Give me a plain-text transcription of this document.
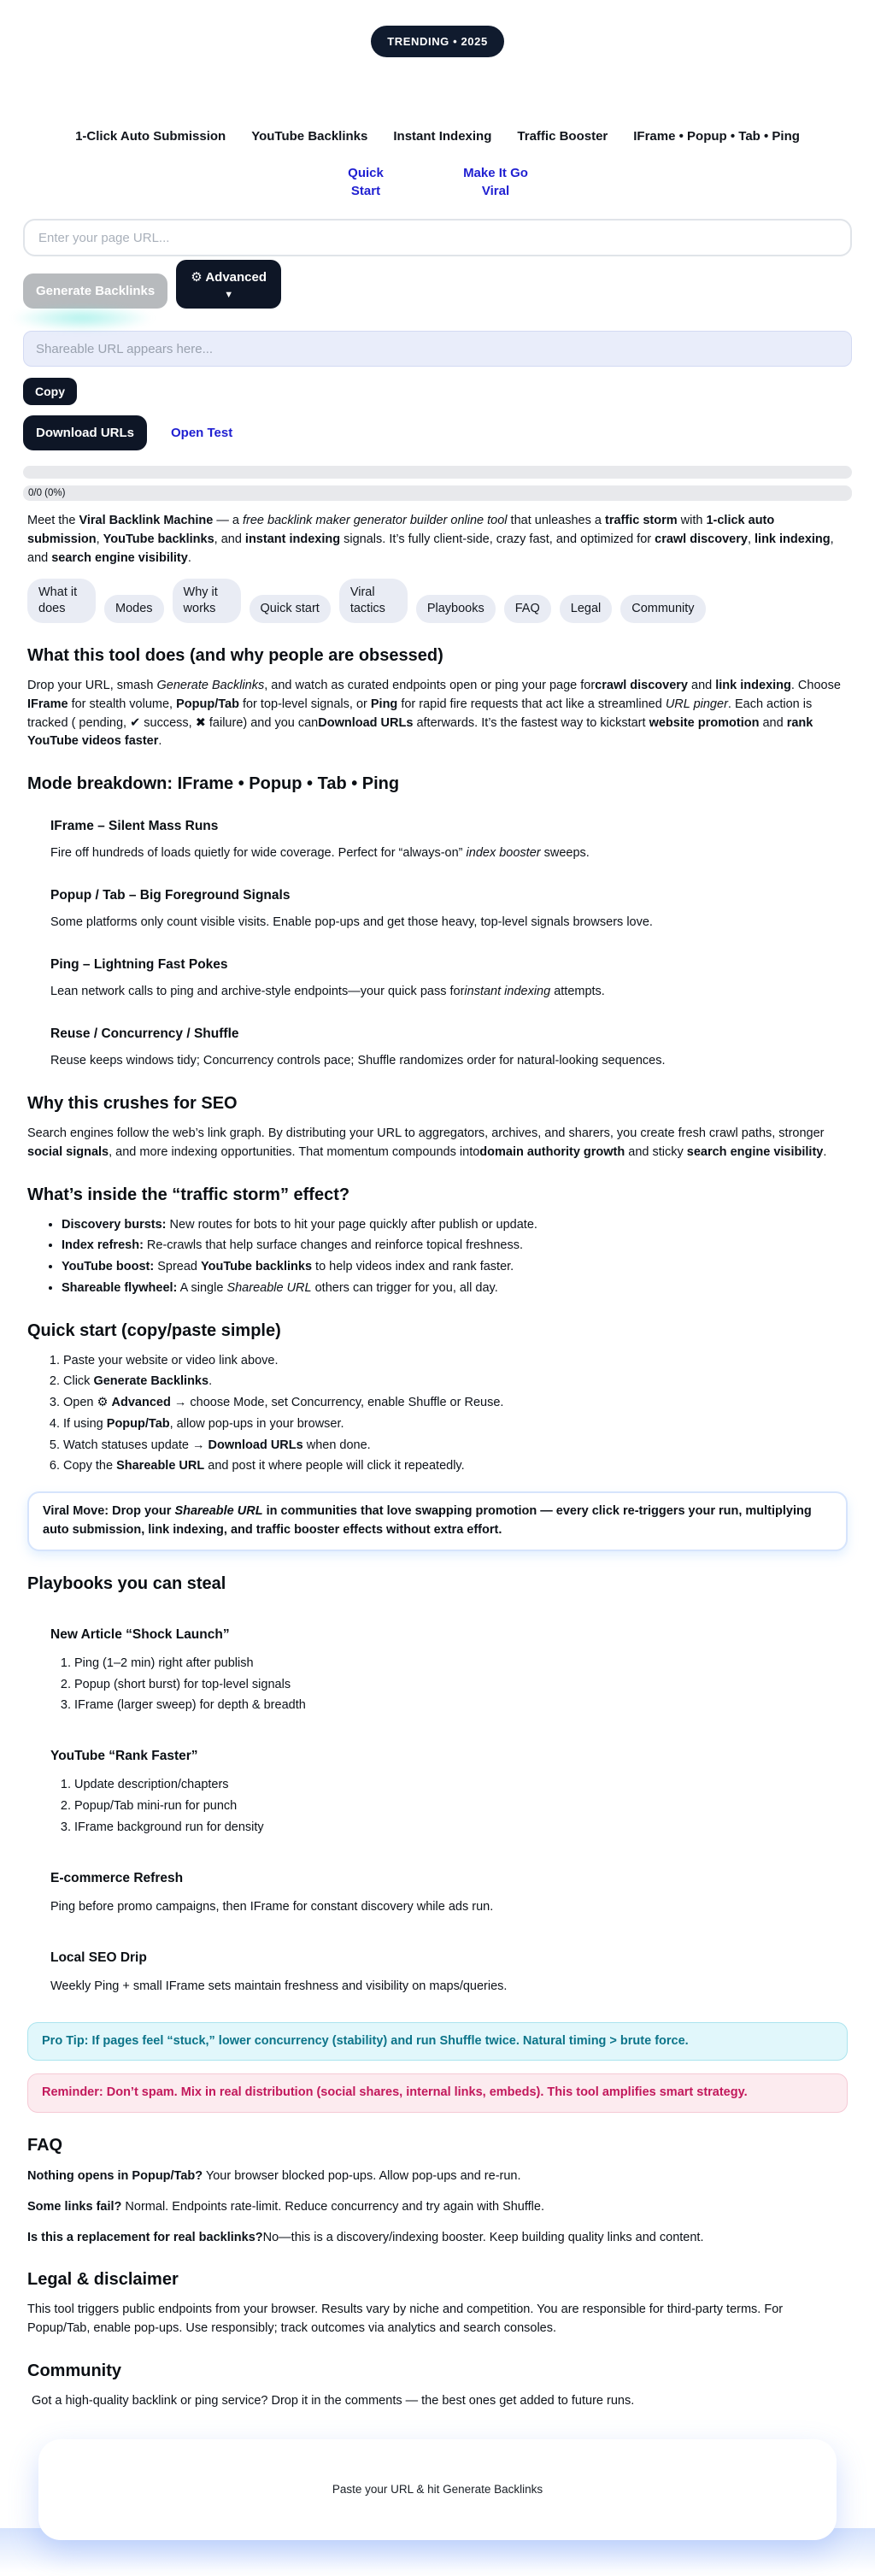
TRENDING • 2025
1-Click Auto Submission YouTube Backlinks Instant Indexing Traffic Booster IFrame • Popup • Tab • Ping
Quick Start
Make It Go Viral
Enter your page URL...
Generate Backlinks
⚙ Advanced
▼
Shareable URL appears here... Copy
Download URLs	Open Test
0/0 (0%)

Meet the Viral Backlink Machine — a free backlink maker generator builder online tool that unleashes a traffic storm with 1-click auto submission, YouTube backlinks, and instant indexing signals. It’s fully client-side, crazy fast, and optimized for crawl discovery, link indexing, and search engine visibility.

What it does	Modes
Why it works	Quick start
Viral tactics	Playbooks	FAQ	Legal	Community
What this tool does (and why people are obsessed)

Drop your URL, smash Generate Backlinks, and watch as curated endpoints open or ping your page forcrawl discovery and link indexing. Choose IFrame for stealth volume, Popup/Tab for top-level signals, or Ping for rapid fire requests that act like a streamlined URL pinger. Each action is tracked ( pending, ✔ success, ✖ failure) and you canDownload URLs afterwards. It’s the fastest way to kickstart website promotion and rank YouTube videos faster.

Mode breakdown: IFrame • Popup • Tab • Ping
IFrame – Silent Mass Runs

Fire off hundreds of loads quietly for wide coverage. Perfect for “always-on” index booster sweeps.

Popup / Tab – Big Foreground Signals

Some platforms only count visible visits. Enable pop-ups and get those heavy, top-level signals browsers love.

Ping – Lightning Fast Pokes

Lean network calls to ping and archive-style endpoints—your quick pass forinstant indexing attempts.

Reuse / Concurrency / Shuffle

Reuse keeps windows tidy; Concurrency controls pace; Shuffle randomizes order for natural-looking sequences.

Why this crushes for SEO

Search engines follow the web’s link graph. By distributing your URL to aggregators, archives, and sharers, you create fresh crawl paths, stronger social signals, and more indexing opportunities. That momentum compounds intodomain authority growth and sticky search engine visibility.

What’s inside the “traffic storm” effect?
• Discovery bursts: New routes for bots to hit your page quickly after publish or update.
• Index refresh: Re-crawls that help surface changes and reinforce topical freshness.
• YouTube boost: Spread YouTube backlinks to help videos index and rank faster.
• Shareable flywheel: A single Shareable URL others can trigger for you, all day.
Quick start (copy/paste simple)
1. Paste your website or video link above.
2. Click Generate Backlinks.
3. Open ⚙ Advanced → choose Mode, set Concurrency, enable Shuffle or Reuse.
4. If using Popup/Tab, allow pop-ups in your browser.
5. Watch statuses update → Download URLs when done.
6. Copy the Shareable URL and post it where people will click it repeatedly.
Viral Move: Drop your Shareable URL in communities that love swapping promotion — every click re-triggers your run, multiplying auto submission, link indexing, and traffic booster effects without extra effort.
Playbooks you can steal
New Article “Shock Launch”
1. Ping (1–2 min) right after publish
2. Popup (short burst) for top-level signals
3. IFrame (larger sweep) for depth & breadth
YouTube “Rank Faster”
1. Update description/chapters
2. Popup/Tab mini-run for punch
3. IFrame background run for density
E-commerce Refresh

Ping before promo campaigns, then IFrame for constant discovery while ads run.

Local SEO Drip

Weekly Ping + small IFrame sets maintain freshness and visibility on maps/queries.

Pro Tip: If pages feel “stuck,” lower concurrency (stability) and run Shuffle twice. Natural timing > brute force.
Reminder: Don’t spam. Mix in real distribution (social shares, internal links, embeds). This tool amplifies smart strategy.
FAQ

Nothing opens in Popup/Tab? Your browser blocked pop-ups. Allow pop-ups and re-run.

Some links fail? Normal. Endpoints rate-limit. Reduce concurrency and try again with Shuffle.

Is this a replacement for real backlinks?No—this is a discovery/indexing booster. Keep building quality links and content.

Legal & disclaimer

This tool triggers public endpoints from your browser. Results vary by niche and competition. You are responsible for third-party terms. For Popup/Tab, enable pop-ups. Use responsibly; track outcomes via analytics and search consoles.

Community

Got a high-quality backlink or ping service? Drop it in the comments — the best ones get added to future runs.

Paste your URL & hit Generate Backlinks
